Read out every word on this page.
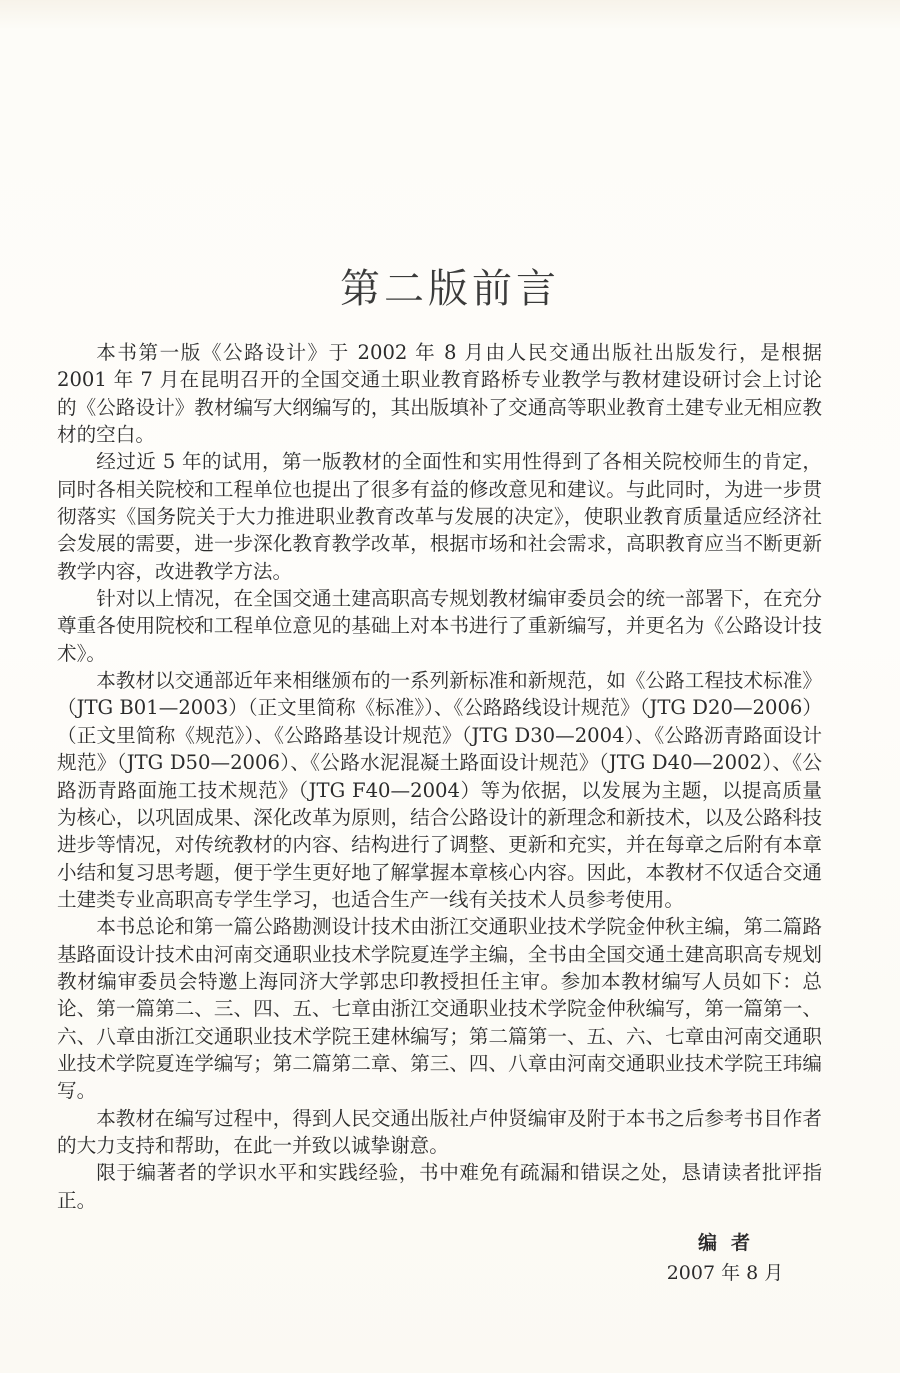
第二版前言

本书第一版《公路设计》于 2002 年 8 月由人民交通出版社出版发行，是根据 2001 年 7 月在昆明召开的全国交通土职业教育路桥专业教学与教材建设研讨会上讨论的《公路设计》教材编写大纲编写的，其出版填补了交通高等职业教育土建专业无相应教材的空白。

经过近 5 年的试用，第一版教材的全面性和实用性得到了各相关院校师生的肯定，同时各相关院校和工程单位也提出了很多有益的修改意见和建议。与此同时，为进一步贯彻落实《国务院关于大力推进职业教育改革与发展的决定》，使职业教育质量适应经济社会发展的需要，进一步深化教育教学改革，根据市场和社会需求，高职教育应当不断更新教学内容，改进教学方法。

针对以上情况，在全国交通土建高职高专规划教材编审委员会的统一部署下，在充分尊重各使用院校和工程单位意见的基础上对本书进行了重新编写，并更名为《公路设计技术》。

本教材以交通部近年来相继颁布的一系列新标准和新规范，如《公路工程技术标准》（JTG B01—2003）（正文里简称《标准》）、《公路路线设计规范》（JTG D20—2006）（正文里简称《规范》）、《公路路基设计规范》（JTG D30—2004）、《公路沥青路面设计规范》（JTG D50—2006）、《公路水泥混凝土路面设计规范》（JTG D40—2002）、《公路沥青路面施工技术规范》（JTG F40—2004）等为依据，以发展为主题，以提高质量为核心，以巩固成果、深化改革为原则，结合公路设计的新理念和新技术，以及公路科技进步等情况，对传统教材的内容、结构进行了调整、更新和充实，并在每章之后附有本章小结和复习思考题，便于学生更好地了解掌握本章核心内容。因此，本教材不仅适合交通土建类专业高职高专学生学习，也适合生产一线有关技术人员参考使用。

本书总论和第一篇公路勘测设计技术由浙江交通职业技术学院金仲秋主编，第二篇路基路面设计技术由河南交通职业技术学院夏连学主编，全书由全国交通土建高职高专规划教材编审委员会特邀上海同济大学郭忠印教授担任主审。参加本教材编写人员如下：总论、第一篇第二、三、四、五、七章由浙江交通职业技术学院金仲秋编写，第一篇第一、六、八章由浙江交通职业技术学院王建林编写；第二篇第一、五、六、七章由河南交通职业技术学院夏连学编写；第二篇第二章、第三、四、八章由河南交通职业技术学院王玮编写。

本教材在编写过程中，得到人民交通出版社卢仲贤编审及附于本书之后参考书目作者的大力支持和帮助，在此一并致以诚挚谢意。

限于编著者的学识水平和实践经验，书中难免有疏漏和错误之处，恳请读者批评指正。

编者
2007 年 8 月
